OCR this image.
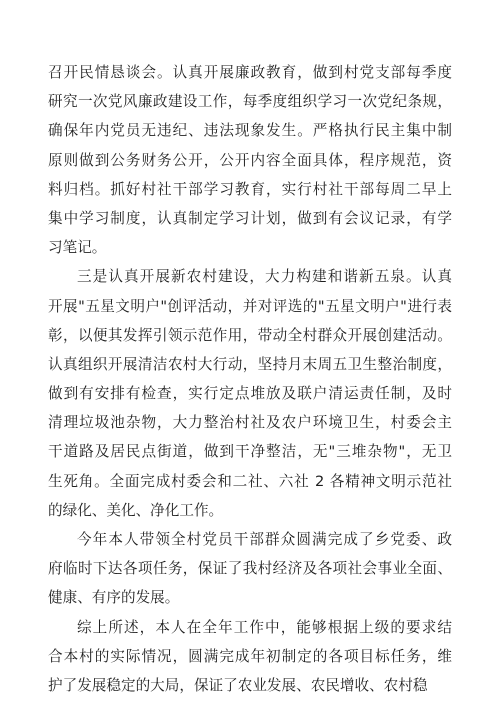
召开民情恳谈会。认真开展廉政教育，做到村党支部每季度
研究一次党风廉政建设工作，每季度组织学习一次党纪条规，
确保年内党员无违纪、违法现象发生。严格执行民主集中制
原则做到公务财务公开，公开内容全面具体，程序规范，资
料归档。抓好村社干部学习教育，实行村社干部每周二早上
集中学习制度，认真制定学习计划，做到有会议记录，有学
习笔记。
三是认真开展新农村建设，大力构建和谐新五泉。认真
开展"五星文明户"创评活动，并对评选的"五星文明户"进行表
彰，以便其发挥引领示范作用，带动全村群众开展创建活动。
认真组织开展清洁农村大行动，坚持月末周五卫生整治制度，
做到有安排有检查，实行定点堆放及联户清运责任制，及时
清理垃圾池杂物，大力整治村社及农户环境卫生，村委会主
干道路及居民点街道，做到干净整洁，无"三堆杂物"，无卫
生死角。全面完成村委会和二社、六社 2 各精神文明示范社
的绿化、美化、净化工作。
今年本人带领全村党员干部群众圆满完成了乡党委、政
府临时下达各项任务，保证了我村经济及各项社会事业全面、
健康、有序的发展。
综上所述，本人在全年工作中，能够根据上级的要求结
合本村的实际情况，圆满完成年初制定的各项目标任务，维
护了发展稳定的大局，保证了农业发展、农民增收、农村稳
